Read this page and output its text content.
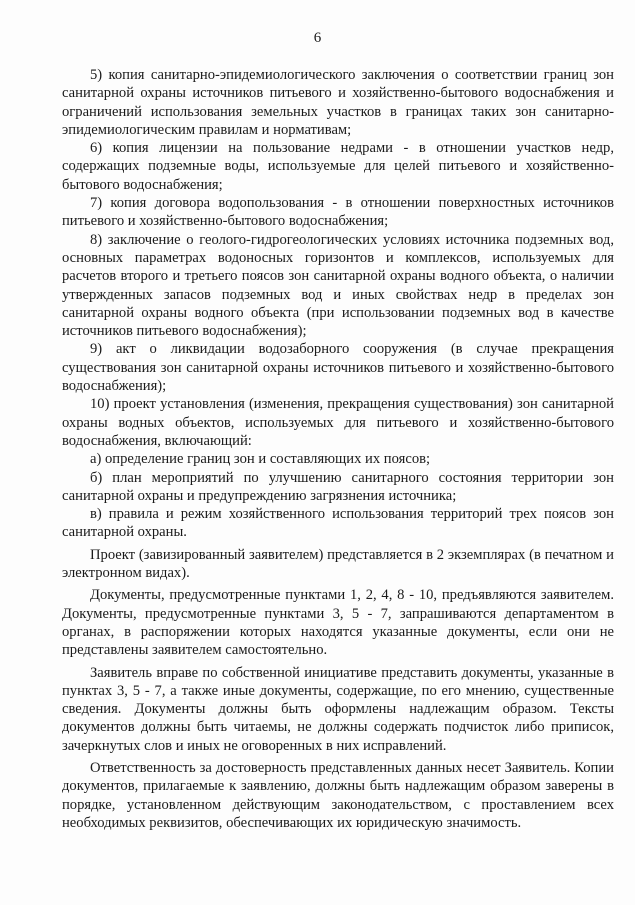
6

5) копия санитарно-эпидемиологического заключения о соответствии границ зон санитарной охраны источников питьевого и хозяйственно-бытового водоснабжения и ограничений использования земельных участков в границах таких зон санитарно-эпидемиологическим правилам и нормативам;

6) копия лицензии на пользование недрами - в отношении участков недр, содержащих подземные воды, используемые для целей питьевого и хозяйственно-бытового водоснабжения;

7) копия договора водопользования - в отношении поверхностных источников питьевого и хозяйственно-бытового водоснабжения;

8) заключение о геолого-гидрогеологических условиях источника подземных вод, основных параметрах водоносных горизонтов и комплексов, используемых для расчетов второго и третьего поясов зон санитарной охраны водного объекта, о наличии утвержденных запасов подземных вод и иных свойствах недр в пределах зон санитарной охраны водного объекта (при использовании подземных вод в качестве источников питьевого водоснабжения);

9) акт о ликвидации водозаборного сооружения (в случае прекращения существования зон санитарной охраны источников питьевого и хозяйственно-бытового водоснабжения);

10) проект установления (изменения, прекращения существования) зон санитарной охраны водных объектов, используемых для питьевого и хозяйственно-бытового водоснабжения, включающий:

а) определение границ зон и составляющих их поясов;

б) план мероприятий по улучшению санитарного состояния территории зон санитарной охраны и предупреждению загрязнения источника;

в) правила и режим хозяйственного использования территорий трех поясов зон санитарной охраны.

Проект (завизированный заявителем) представляется в 2 экземплярах (в печатном и электронном видах).

Документы, предусмотренные пунктами 1, 2, 4, 8 - 10, предъявляются заявителем. Документы, предусмотренные пунктами 3, 5 - 7, запрашиваются департаментом в органах, в распоряжении которых находятся указанные документы, если они не представлены заявителем самостоятельно.

Заявитель вправе по собственной инициативе представить документы, указанные в пунктах 3, 5 - 7, а также иные документы, содержащие, по его мнению, существенные сведения. Документы должны быть оформлены надлежащим образом. Тексты документов должны быть читаемы, не должны содержать подчисток либо приписок, зачеркнутых слов и иных не оговоренных в них исправлений.

Ответственность за достоверность представленных данных несет Заявитель. Копии документов, прилагаемые к заявлению, должны быть надлежащим образом заверены в порядке, установленном действующим законодательством, с проставлением всех необходимых реквизитов, обеспечивающих их юридическую значимость.
